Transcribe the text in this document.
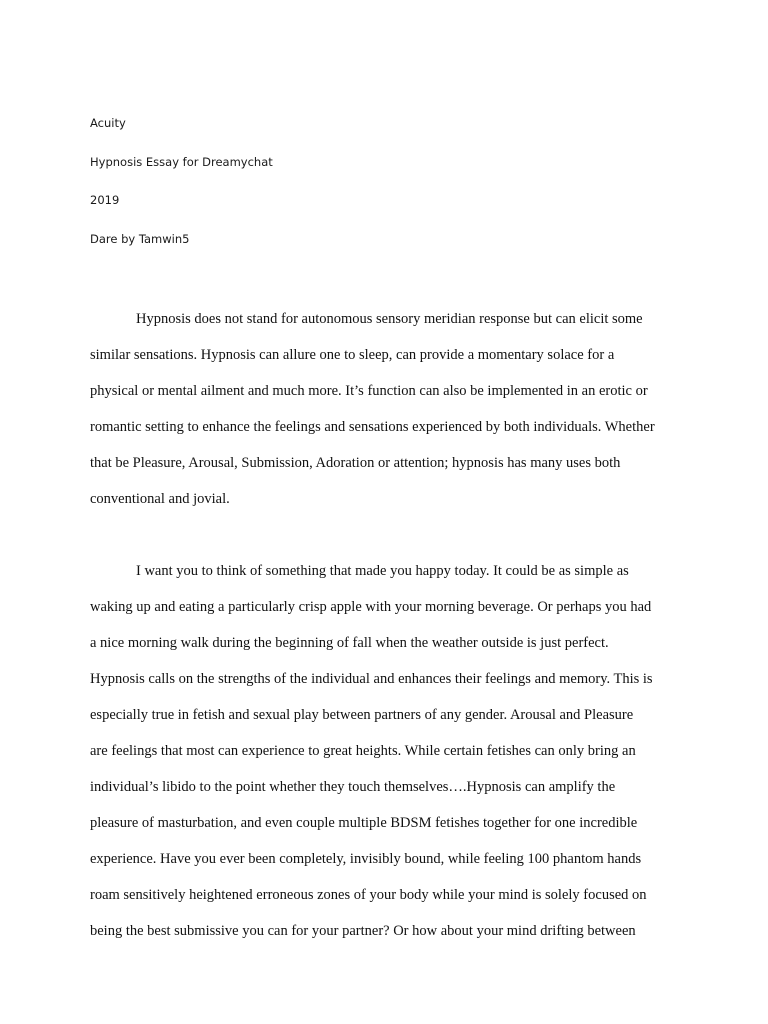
Acuity
Hypnosis Essay for Dreamychat
2019
Dare by Tamwin5
Hypnosis does not stand for autonomous sensory meridian response but can elicit some
similar sensations. Hypnosis can allure one to sleep, can provide a momentary solace for a
physical or mental ailment and much more. It’s function can also be implemented in an erotic or
romantic setting to enhance the feelings and sensations experienced by both individuals. Whether
that be Pleasure, Arousal, Submission, Adoration or attention; hypnosis has many uses both
conventional and jovial.
I want you to think of something that made you happy today. It could be as simple as
waking up and eating a particularly crisp apple with your morning beverage. Or perhaps you had
a nice morning walk during the beginning of fall when the weather outside is just perfect.
Hypnosis calls on the strengths of the individual and enhances their feelings and memory. This is
especially true in fetish and sexual play between partners of any gender. Arousal and Pleasure
are feelings that most can experience to great heights. While certain fetishes can only bring an
individual’s libido to the point whether they touch themselves….Hypnosis can amplify the
pleasure of masturbation, and even couple multiple BDSM fetishes together for one incredible
experience. Have you ever been completely, invisibly bound, while feeling 100 phantom hands
roam sensitively heightened erroneous zones of your body while your mind is solely focused on
being the best submissive you can for your partner? Or how about your mind drifting between
